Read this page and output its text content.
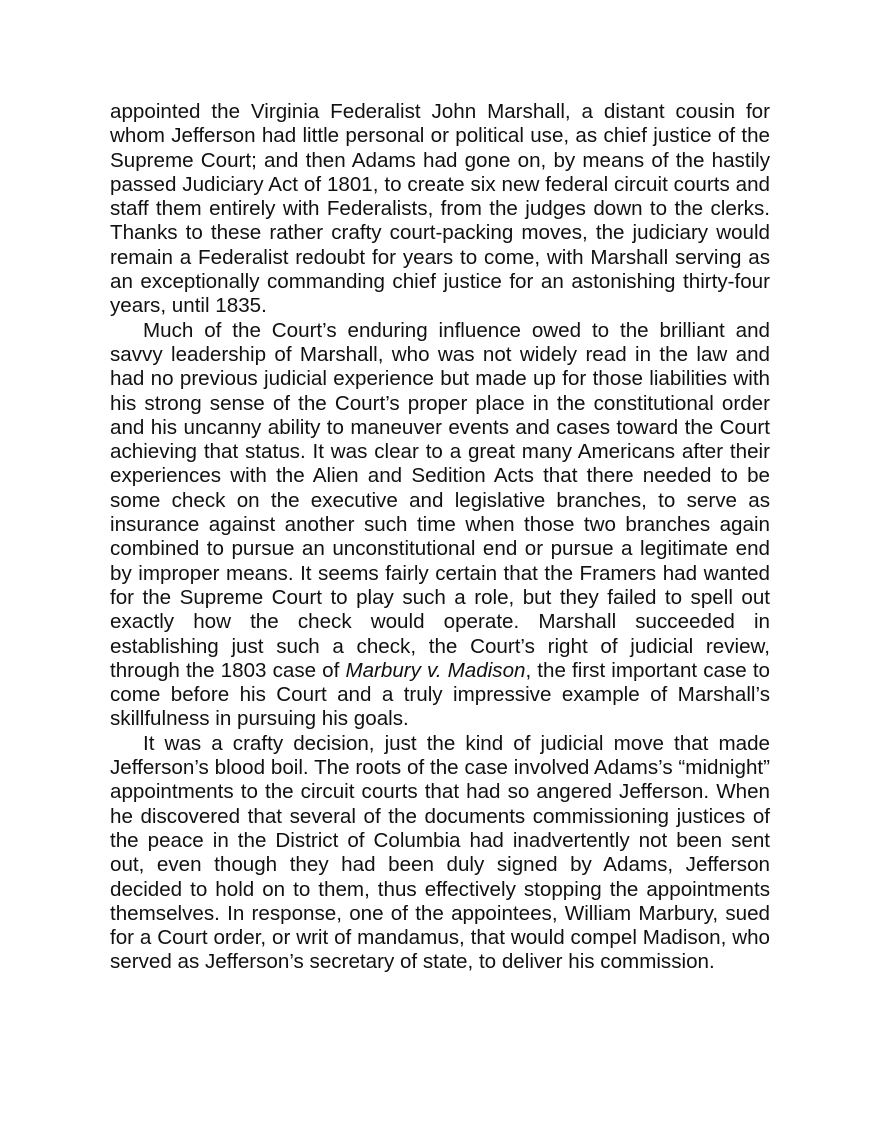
appointed the Virginia Federalist John Marshall, a distant cousin for whom Jefferson had little personal or political use, as chief justice of the Supreme Court; and then Adams had gone on, by means of the hastily passed Judiciary Act of 1801, to create six new federal circuit courts and staff them entirely with Federalists, from the judges down to the clerks. Thanks to these rather crafty court-packing moves, the judiciary would remain a Federalist redoubt for years to come, with Marshall serving as an exceptionally commanding chief justice for an astonishing thirty-four years, until 1835.

Much of the Court’s enduring influence owed to the brilliant and savvy leadership of Marshall, who was not widely read in the law and had no previous judicial experience but made up for those liabilities with his strong sense of the Court’s proper place in the constitutional order and his uncanny ability to maneuver events and cases toward the Court achieving that status. It was clear to a great many Americans after their experiences with the Alien and Sedition Acts that there needed to be some check on the executive and legislative branches, to serve as insurance against another such time when those two branches again combined to pursue an unconstitutional end or pursue a legitimate end by improper means. It seems fairly certain that the Framers had wanted for the Supreme Court to play such a role, but they failed to spell out exactly how the check would operate. Marshall succeeded in establishing just such a check, the Court’s right of judicial review, through the 1803 case of Marbury v. Madison, the first important case to come before his Court and a truly impressive example of Marshall’s skillfulness in pursuing his goals.

It was a crafty decision, just the kind of judicial move that made Jefferson’s blood boil. The roots of the case involved Adams’s “midnight” appointments to the circuit courts that had so angered Jefferson. When he discovered that several of the documents commissioning justices of the peace in the District of Columbia had inadvertently not been sent out, even though they had been duly signed by Adams, Jefferson decided to hold on to them, thus effectively stopping the appointments themselves. In response, one of the appointees, William Marbury, sued for a Court order, or writ of mandamus, that would compel Madison, who served as Jefferson’s secretary of state, to deliver his commission.
